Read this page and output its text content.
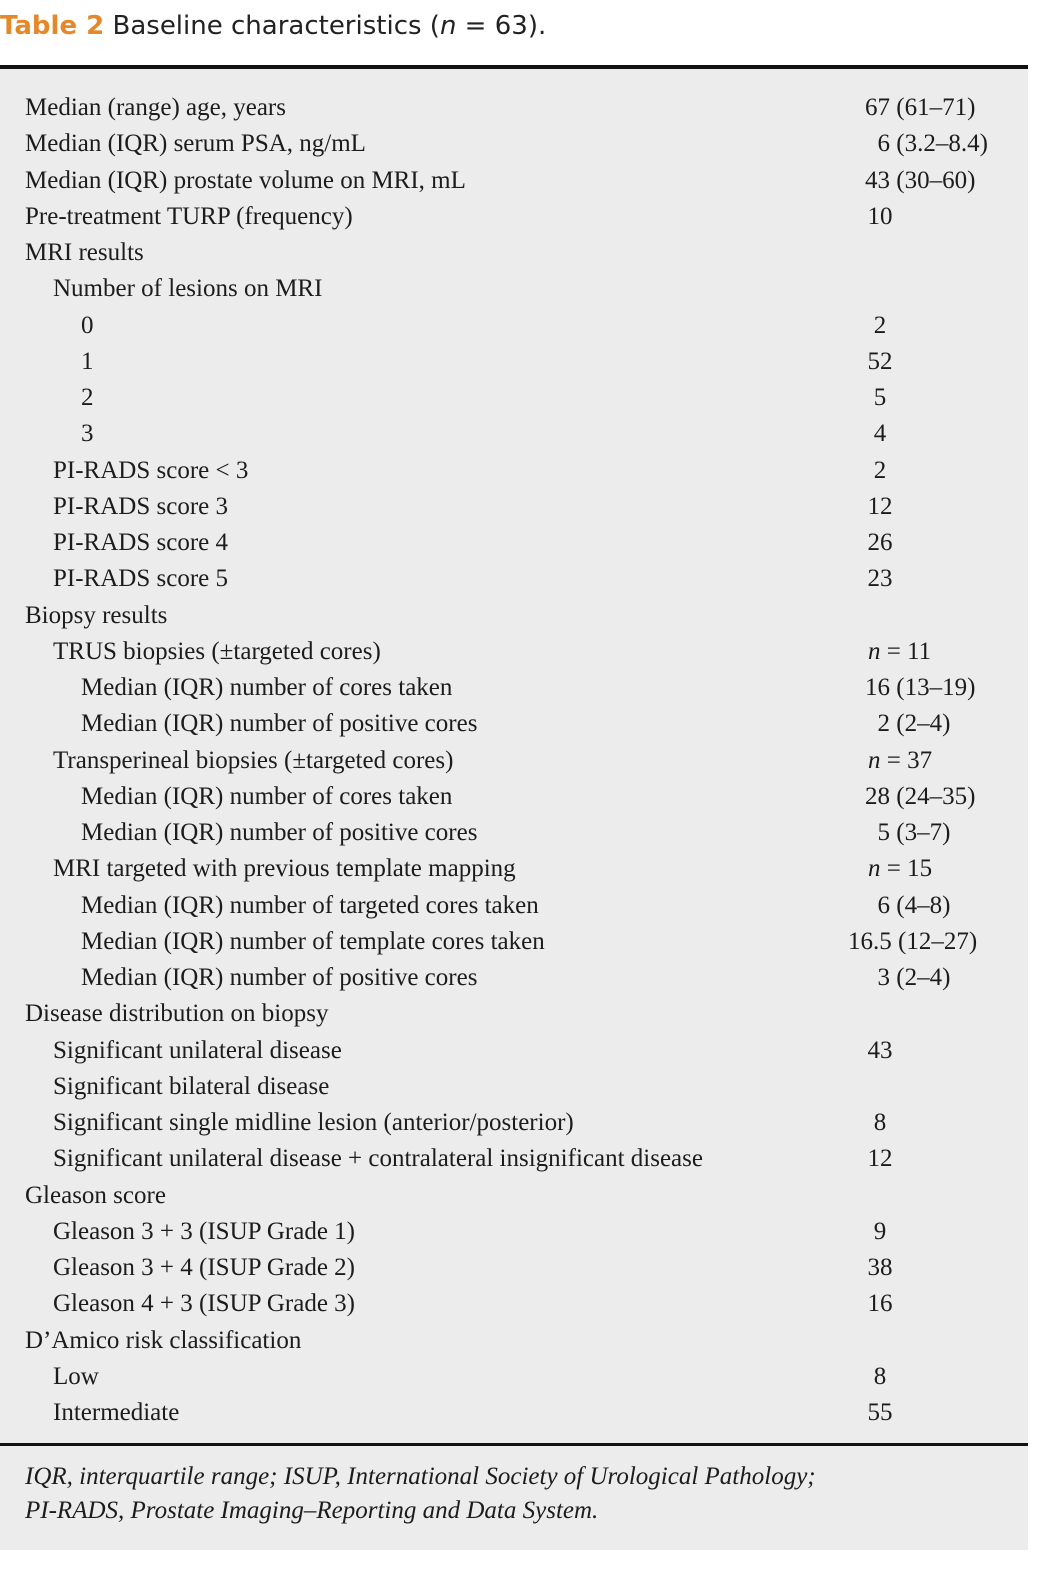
Table 2 Baseline characteristics (n = 63).
Median (range) age, years	67 (61–71)
Median (IQR) serum PSA, ng/mL	6 (3.2–8.4)
Median (IQR) prostate volume on MRI, mL	43 (30–60)
Pre-treatment TURP (frequency)	10
MRI results
Number of lesions on MRI
0	2
1	52
2	5
3	4
PI-RADS score < 3	2
PI-RADS score 3	12
PI-RADS score 4	26
PI-RADS score 5	23
Biopsy results
TRUS biopsies (±targeted cores)	n = 11
Median (IQR) number of cores taken	16 (13–19)
Median (IQR) number of positive cores	2 (2–4)
Transperineal biopsies (±targeted cores)	n = 37
Median (IQR) number of cores taken	28 (24–35)
Median (IQR) number of positive cores	5 (3–7)
MRI targeted with previous template mapping	n = 15
Median (IQR) number of targeted cores taken	6 (4–8)
Median (IQR) number of template cores taken	16.5 (12–27)
Median (IQR) number of positive cores	3 (2–4)
Disease distribution on biopsy
Significant unilateral disease	43
Significant bilateral disease
Significant single midline lesion (anterior/posterior)	8
Significant unilateral disease + contralateral insignificant disease	12
Gleason score
Gleason 3 + 3 (ISUP Grade 1)	9
Gleason 3 + 4 (ISUP Grade 2)	38
Gleason 4 + 3 (ISUP Grade 3)	16
D’Amico risk classification
Low	8
Intermediate	55
IQR, interquartile range; ISUP, International Society of Urological Pathology;
PI-RADS, Prostate Imaging–Reporting and Data System.
